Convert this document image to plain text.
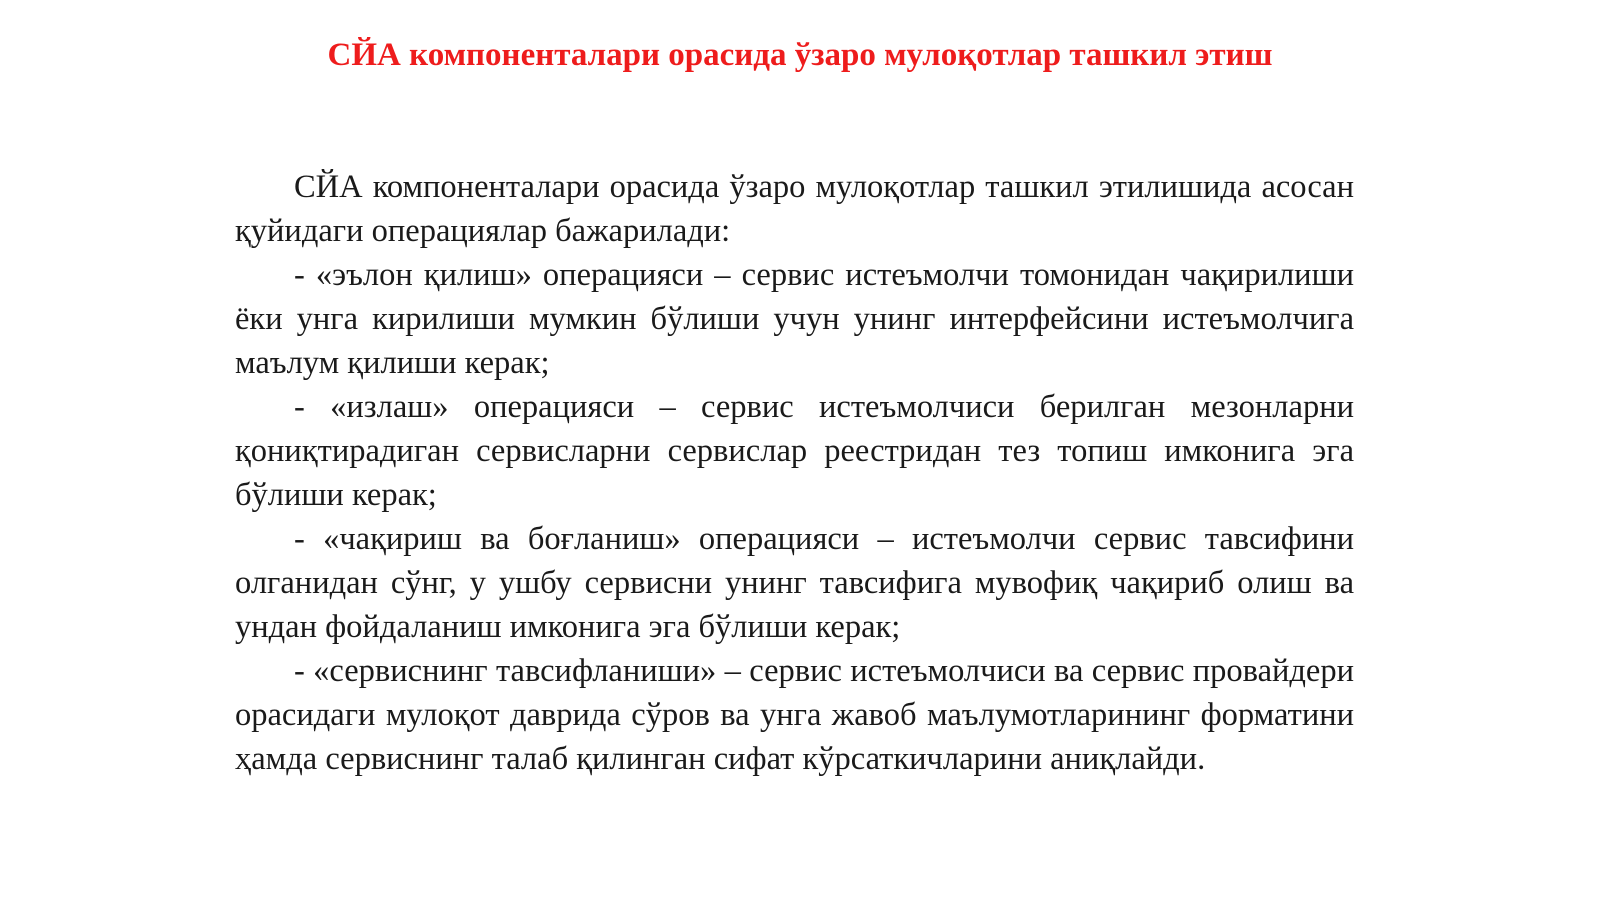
СЙА компоненталари орасида ўзаро мулоқотлар ташкил этиш

СЙА компоненталари орасида ўзаро мулоқотлар ташкил этилишида асосан қуйидаги операциялар бажарилади:

- «эълон қилиш» операцияси – сервис истеъмолчи томонидан чақирилиши ёки унга кирилиши мумкин бўлиши учун унинг интерфейсини истеъмолчига маълум қилиши керак;

- «излаш» операцияси – сервис истеъмолчиси берилган мезонларни қониқтирадиган сервисларни сервислар реестридан тез топиш имконига эга бўлиши керак;

- «чақириш ва боғланиш» операцияси – истеъмолчи сервис тавсифини олганидан сўнг, у ушбу сервисни унинг тавсифига мувофиқ чақириб олиш ва ундан фойдаланиш имконига эга бўлиши керак;

- «сервиснинг тавсифланиши» – сервис истеъмолчиси ва сервис провайдери орасидаги мулоқот даврида сўров ва унга жавоб маълумотларининг форматини ҳамда сервиснинг талаб қилинган сифат кўрсаткичларини аниқлайди.
